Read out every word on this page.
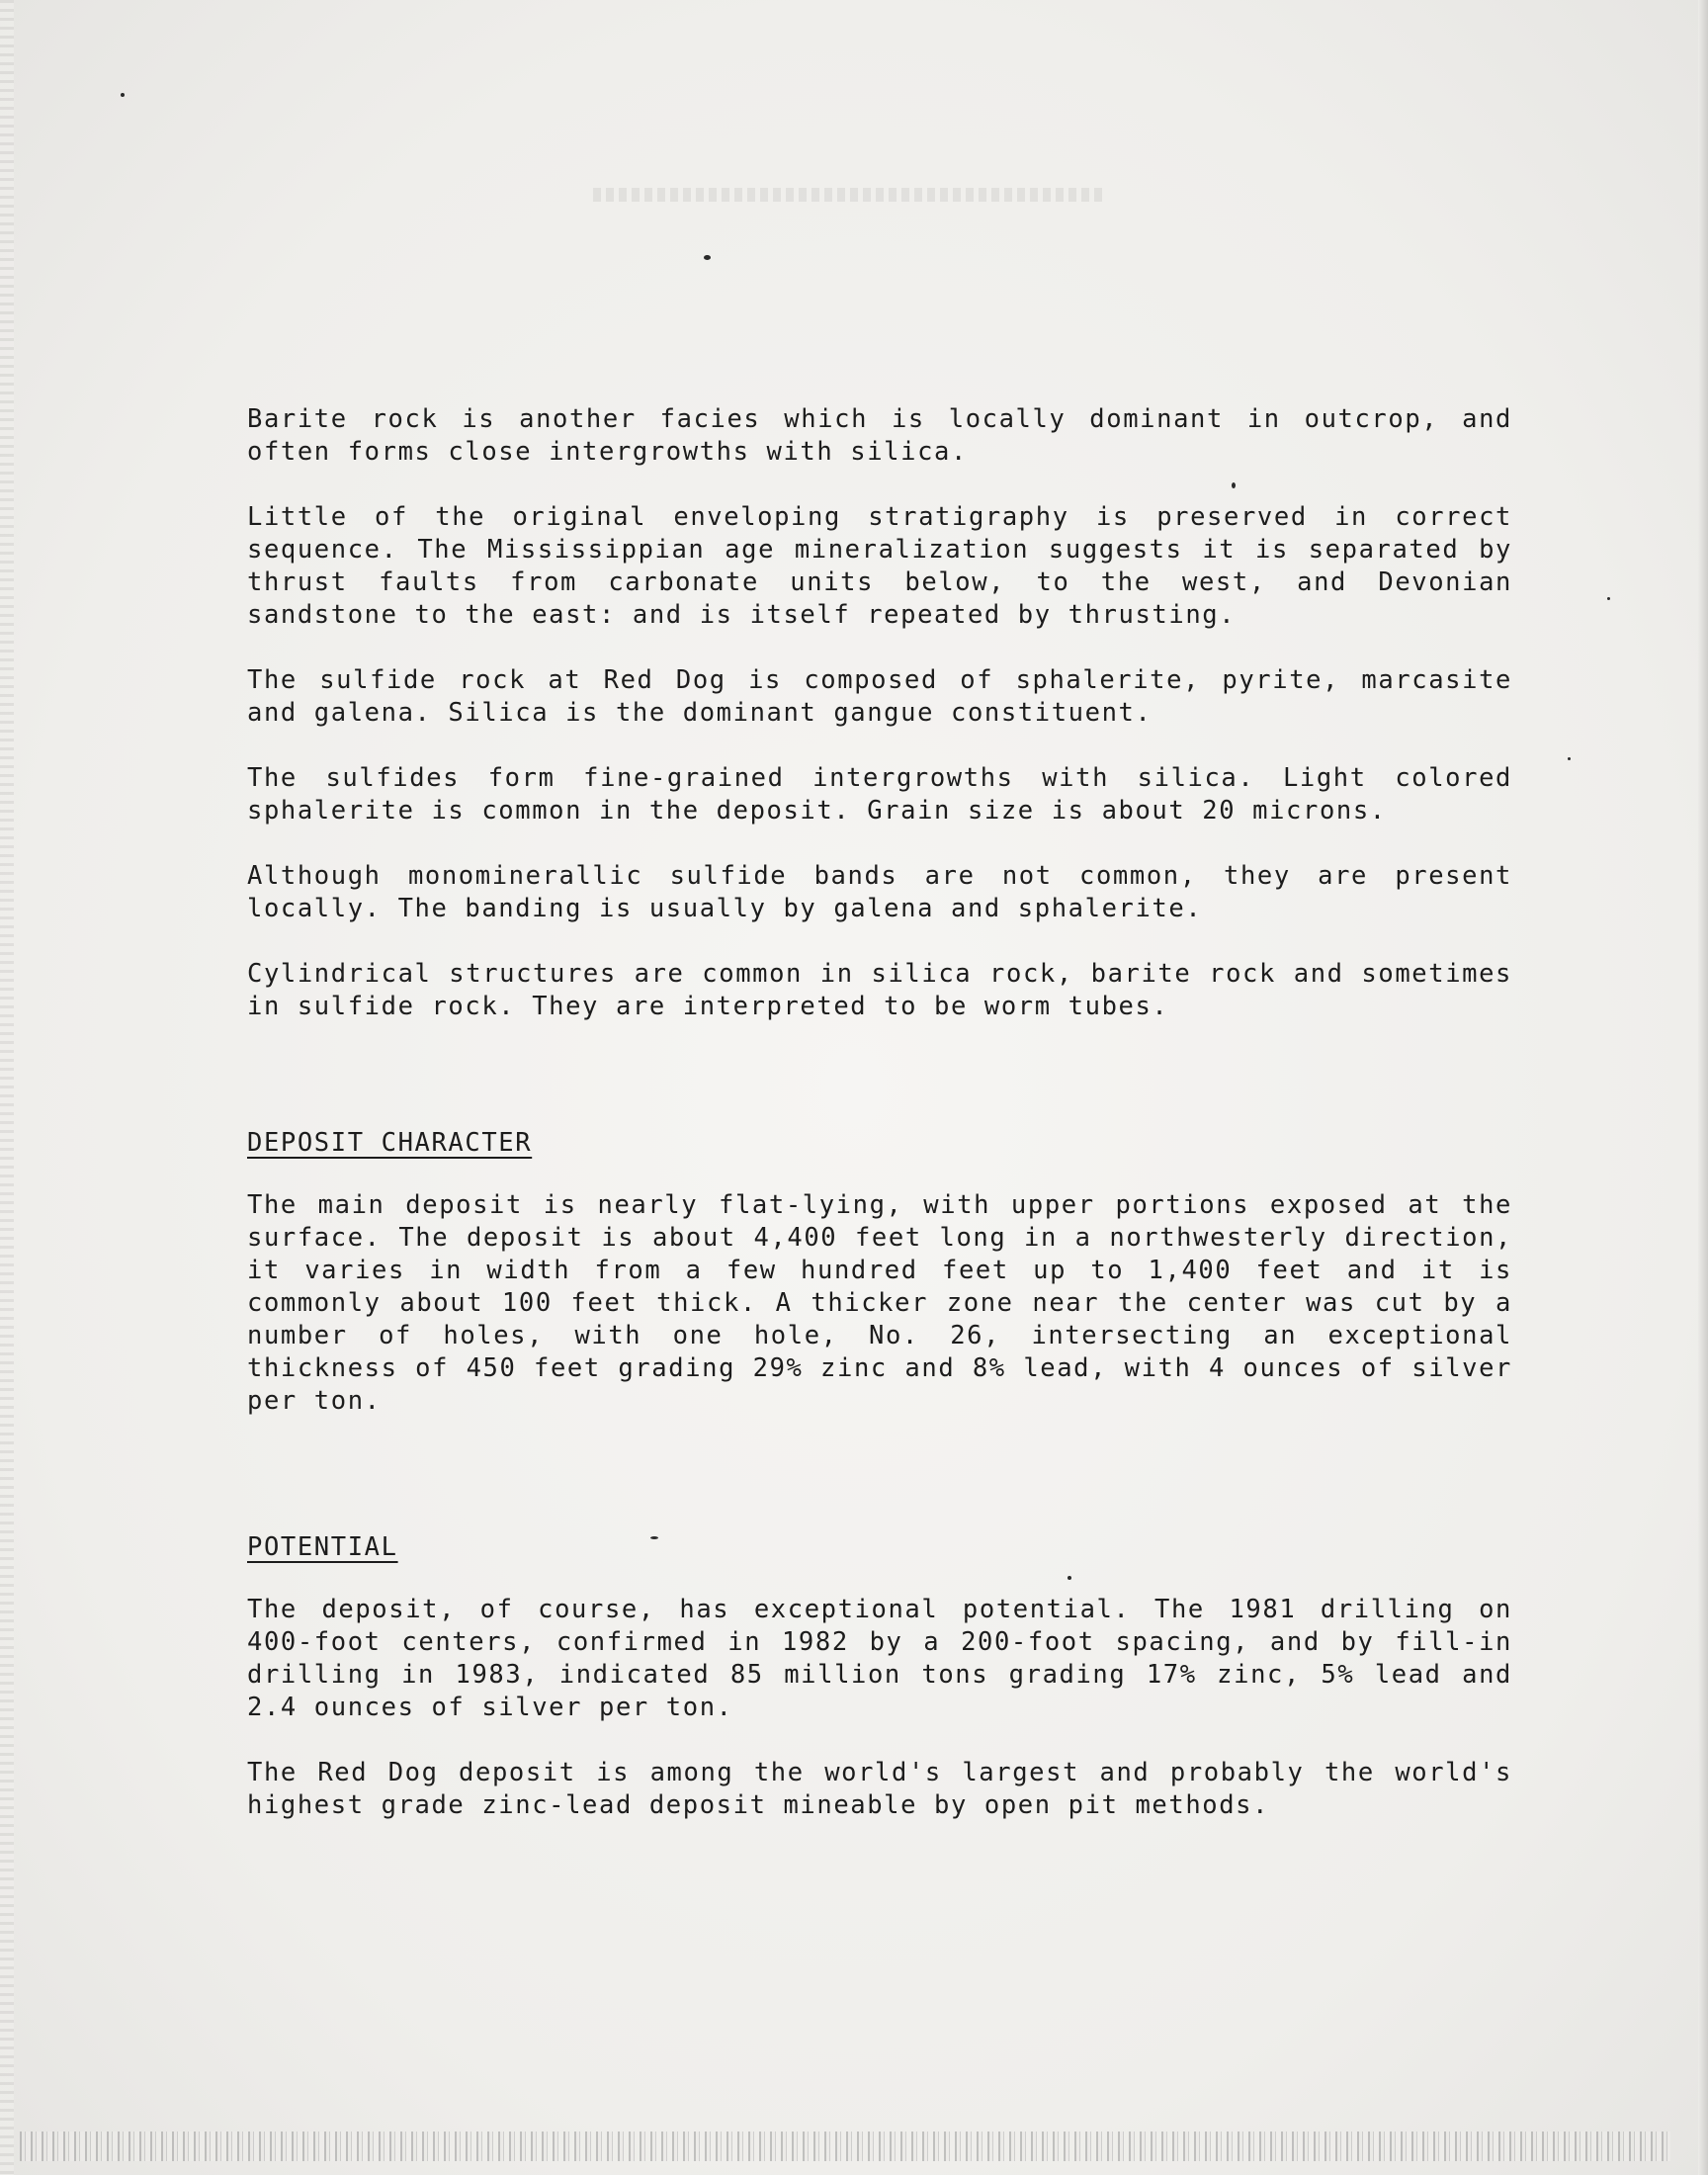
Barite rock is another facies which is locally dominant in outcrop, and often forms close intergrowths with silica.

Little of the original enveloping stratigraphy is preserved in correct sequence. The Mississippian age mineralization suggests it is separated by thrust faults from carbonate units below, to the west, and Devonian sandstone to the east: and is itself repeated by thrusting.

The sulfide rock at Red Dog is composed of sphalerite, pyrite, marcasite and galena. Silica is the dominant gangue constituent.

The sulfides form fine-grained intergrowths with silica. Light colored sphalerite is common in the deposit. Grain size is about 20 microns.

Although monominerallic sulfide bands are not common, they are present locally. The banding is usually by galena and sphalerite.

Cylindrical structures are common in silica rock, barite rock and sometimes in sulfide rock. They are interpreted to be worm tubes.

DEPOSIT CHARACTER

The main deposit is nearly flat-lying, with upper portions exposed at the surface. The deposit is about 4,400 feet long in a northwesterly direction, it varies in width from a few hundred feet up to 1,400 feet and it is commonly about 100 feet thick. A thicker zone near the center was cut by a number of holes, with one hole, No. 26, intersecting an exceptional thickness of 450 feet grading 29% zinc and 8% lead, with 4 ounces of silver per ton.

POTENTIAL

The deposit, of course, has exceptional potential. The 1981 drilling on 400-foot centers, confirmed in 1982 by a 200-foot spacing, and by fill-in drilling in 1983, indicated 85 million tons grading 17% zinc, 5% lead and 2.4 ounces of silver per ton.

The Red Dog deposit is among the world's largest and probably the world's highest grade zinc-lead deposit mineable by open pit methods.
